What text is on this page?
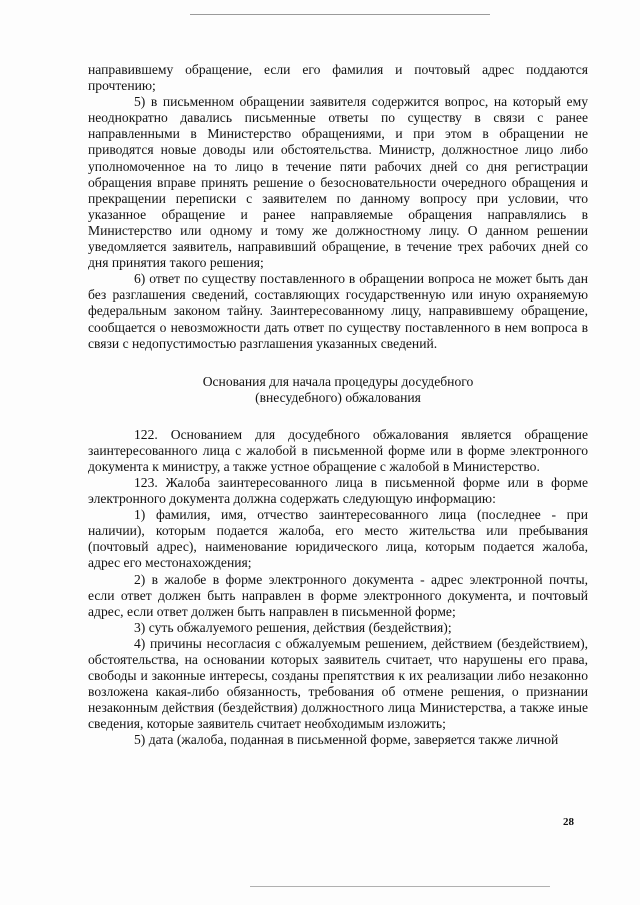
направившему обращение, если его фамилия и почтовый адрес поддаются прочтению;

5) в письменном обращении заявителя содержится вопрос, на который ему неоднократно давались письменные ответы по существу в связи с ранее направленными в Министерство обращениями, и при этом в обращении не приводятся новые доводы или обстоятельства. Министр, должностное лицо либо уполномоченное на то лицо в течение пяти рабочих дней со дня регистрации обращения вправе принять решение о безосновательности очередного обращения и прекращении переписки с заявителем по данному вопросу при условии, что указанное обращение и ранее направляемые обращения направлялись в Министерство или одному и тому же должностному лицу. О данном решении уведомляется заявитель, направивший обращение, в течение трех рабочих дней со дня принятия такого решения;

6) ответ по существу поставленного в обращении вопроса не может быть дан без разглашения сведений, составляющих государственную или иную охраняемую федеральным законом тайну. Заинтересованному лицу, направившему обращение, сообщается о невозможности дать ответ по существу поставленного в нем вопроса в связи с недопустимостью разглашения указанных сведений.

Основания для начала процедуры досудебного
(внесудебного) обжалования

122. Основанием для досудебного обжалования является обращение заинтересованного лица с жалобой в письменной форме или в форме электронного документа к министру, а также устное обращение с жалобой в Министерство.

123. Жалоба заинтересованного лица в письменной форме или в форме электронного документа должна содержать следующую информацию:

1) фамилия, имя, отчество заинтересованного лица (последнее - при наличии), которым подается жалоба, его место жительства или пребывания (почтовый адрес), наименование юридического лица, которым подается жалоба, адрес его местонахождения;

2) в жалобе в форме электронного документа - адрес электронной почты, если ответ должен быть направлен в форме электронного документа, и почтовый адрес, если ответ должен быть направлен в письменной форме;

3) суть обжалуемого решения, действия (бездействия);

4) причины несогласия с обжалуемым решением, действием (бездействием), обстоятельства, на основании которых заявитель считает, что нарушены его права, свободы и законные интересы, созданы препятствия к их реализации либо незаконно возложена какая-либо обязанность, требования об отмене решения, о признании незаконным действия (бездействия) должностного лица Министерства, а также иные сведения, которые заявитель считает необходимым изложить;

5) дата (жалоба, поданная в письменной форме, заверяется также личной

28
